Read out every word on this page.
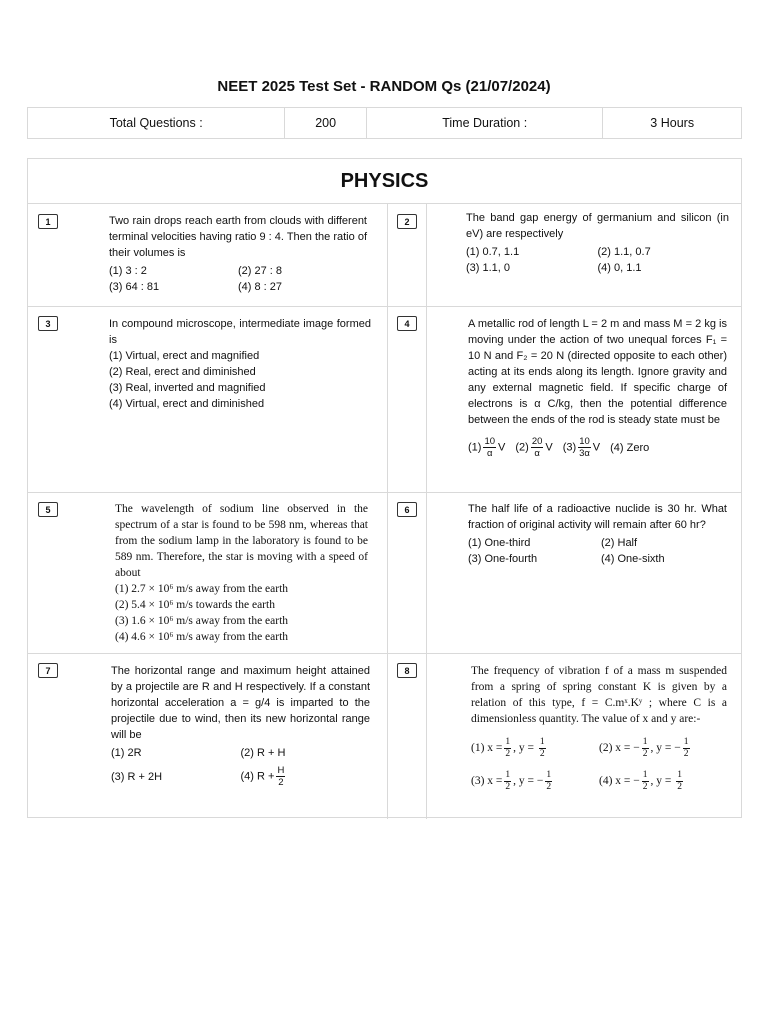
NEET 2025 Test Set - RANDOM Qs (21/07/2024)
Total Questions :	200	Time Duration :	3 Hours
PHYSICS
1	Two rain drops reach earth from clouds with different terminal velocities having ratio 9 : 4. Then the ratio of their volumes is
(1) 3 : 2	(2) 27 : 8
(3) 64 : 81	(4) 8 : 27
2	The band gap energy of germanium and silicon (in eV) are respectively
(1) 0.7, 1.1	(2) 1.1, 0.7
(3) 1.1, 0	(4) 0, 1.1
3	In compound microscope, intermediate image formed is
(1) Virtual, erect and magnified
(2) Real, erect and diminished
(3) Real, inverted and magnified
(4) Virtual, erect and diminished
4	A metallic rod of length L = 2 m and mass M = 2 kg is moving under the action of two unequal forces F₁ = 10 N and F₂ = 20 N (directed opposite to each other) acting at its ends along its length. Ignore gravity and any external magnetic field. If specific charge of electrons is α C/kg, then the potential difference between the ends of the rod is steady state must be
$(1) \frac{10}{\alpha}$ V $(2) \frac{20}{\alpha}$ V $(3) \frac{10}{3\alpha}$ V (4) Zero
5	The wavelength of sodium line observed in the spectrum of a star is found to be 598 nm, whereas that from the sodium lamp in the laboratory is found to be 589 nm. Therefore, the star is moving with a speed of about
(1) 2.7 × 10⁶ m/s away from the earth
(2) 5.4 × 10⁶ m/s towards the earth
(3) 1.6 × 10⁶ m/s away from the earth
(4) 4.6 × 10⁶ m/s away from the earth
6	The half life of a radioactive nuclide is 30 hr. What fraction of original activity will remain after 60 hr?
(1) One-third	(2) Half
(3) One-fourth	(4) One-sixth
7	The horizontal range and maximum height attained by a projectile are R and H respectively. If a constant horizontal acceleration a = g/4 is imparted to the projectile due to wind, then its new horizontal range will be
(1) 2R	(2) R + H
(3) R + 2H	(4) $R + \frac{H}{2}$
8	The frequency of vibration f of a mass m suspended from a spring of spring constant K is given by a relation of this type, f = C.mˣ.Kʸ ; where C is a dimensionless quantity. The value of x and y are:-
(1) $x = \frac{1}{2}$ , $y = \frac{1}{2}$	(2) x = − $\frac{1}{2}$ , y = − $\frac{1}{2}$
(3) $x = \frac{1}{2}$ , y = − $\frac{1}{2}$	(4) x = − $\frac{1}{2}$ , $y = \frac{1}{2}$
